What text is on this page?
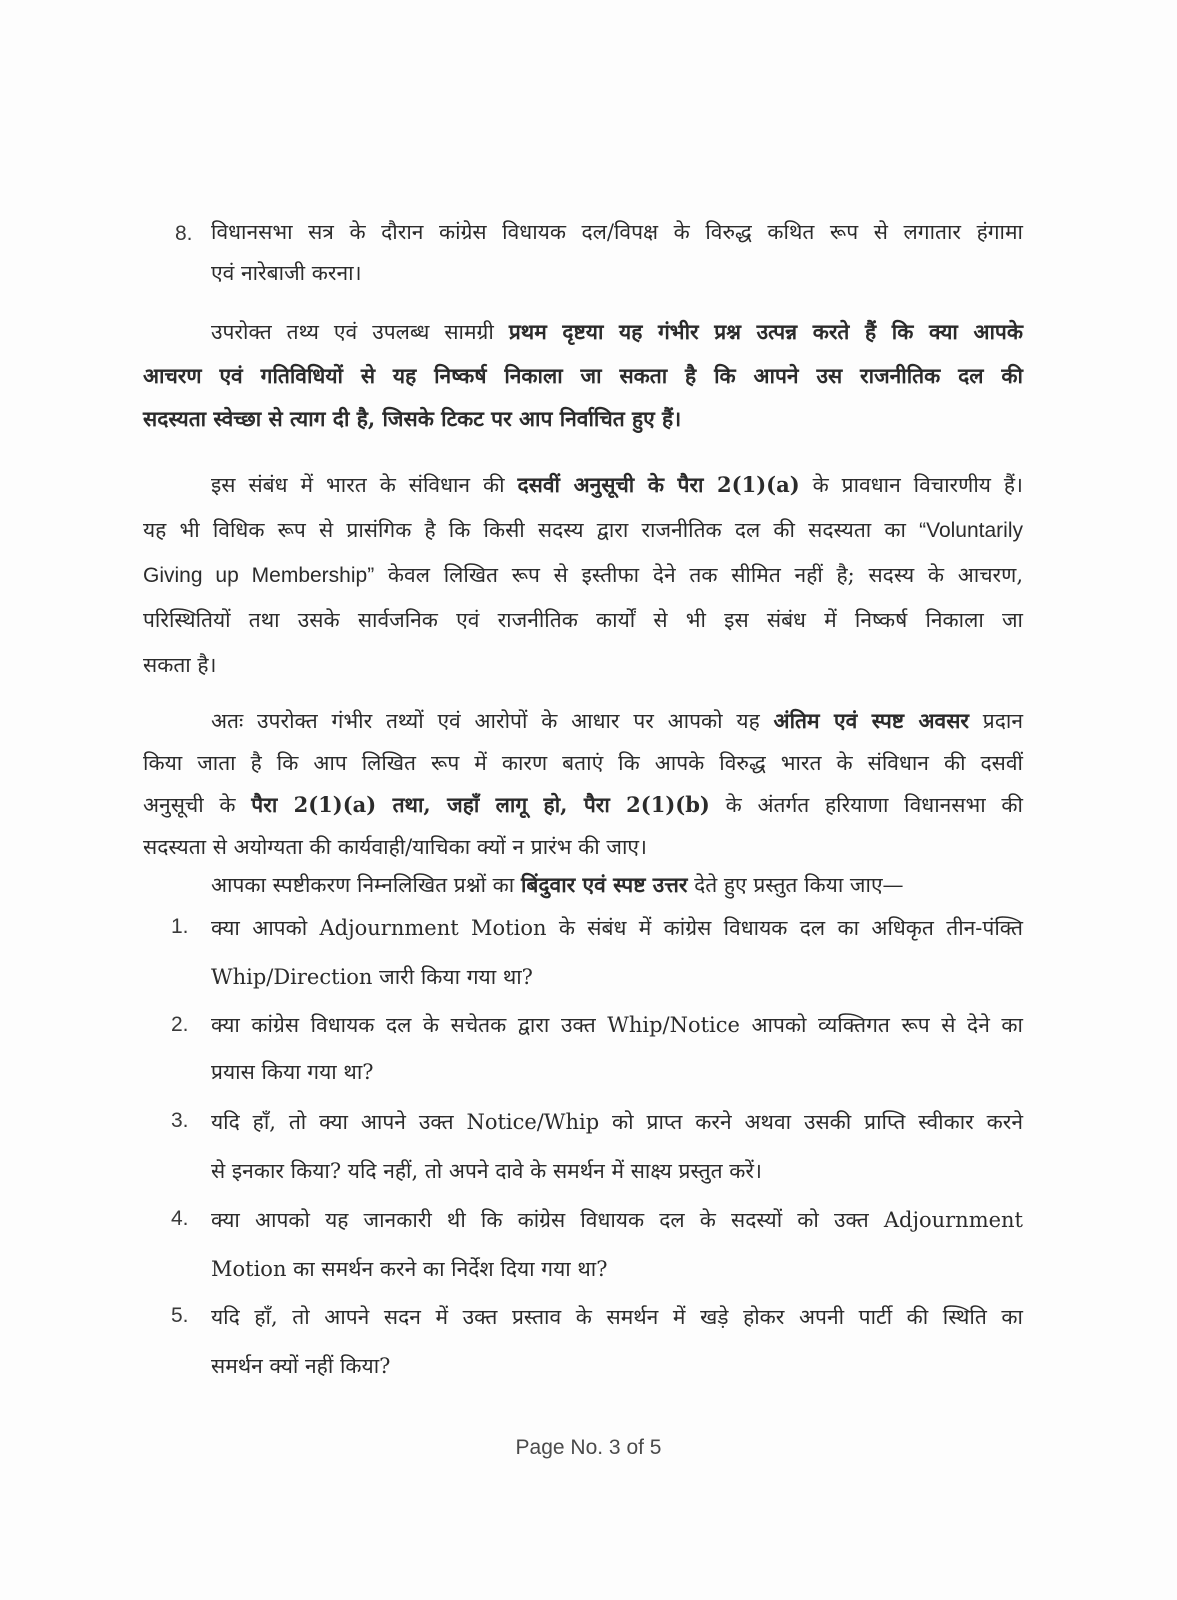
8. विधानसभा सत्र के दौरान कांग्रेस विधायक दल/विपक्ष के विरुद्ध कथित रूप से लगातार हंगामा
एवं नारेबाजी करना।
उपरोक्त तथ्य एवं उपलब्ध सामग्री प्रथम दृष्टया यह गंभीर प्रश्न उत्पन्न करते हैं कि क्या आपके
आचरण एवं गतिविधियों से यह निष्कर्ष निकाला जा सकता है कि आपने उस राजनीतिक दल की
सदस्यता स्वेच्छा से त्याग दी है, जिसके टिकट पर आप निर्वाचित हुए हैं।
इस संबंध में भारत के संविधान की दसवीं अनुसूची के पैरा 2(1)(a) के प्रावधान विचारणीय हैं।
यह भी विधिक रूप से प्रासंगिक है कि किसी सदस्य द्वारा राजनीतिक दल की सदस्यता का “Voluntarily
Giving up Membership” केवल लिखित रूप से इस्तीफा देने तक सीमित नहीं है; सदस्य के आचरण,
परिस्थितियों तथा उसके सार्वजनिक एवं राजनीतिक कार्यों से भी इस संबंध में निष्कर्ष निकाला जा
सकता है।
अतः उपरोक्त गंभीर तथ्यों एवं आरोपों के आधार पर आपको यह अंतिम एवं स्पष्ट अवसर प्रदान
किया जाता है कि आप लिखित रूप में कारण बताएं कि आपके विरुद्ध भारत के संविधान की दसवीं
अनुसूची के पैरा 2(1)(a) तथा, जहाँ लागू हो, पैरा 2(1)(b) के अंतर्गत हरियाणा विधानसभा की
सदस्यता से अयोग्यता की कार्यवाही/याचिका क्यों न प्रारंभ की जाए।
आपका स्पष्टीकरण निम्नलिखित प्रश्नों का बिंदुवार एवं स्पष्ट उत्तर देते हुए प्रस्तुत किया जाए—
1. क्या आपको Adjournment Motion के संबंध में कांग्रेस विधायक दल का अधिकृत तीन-पंक्ति
Whip/Direction जारी किया गया था?
2. क्या कांग्रेस विधायक दल के सचेतक द्वारा उक्त Whip/Notice आपको व्यक्तिगत रूप से देने का
प्रयास किया गया था?
3. यदि हाँ, तो क्या आपने उक्त Notice/Whip को प्राप्त करने अथवा उसकी प्राप्ति स्वीकार करने
से इनकार किया? यदि नहीं, तो अपने दावे के समर्थन में साक्ष्य प्रस्तुत करें।
4. क्या आपको यह जानकारी थी कि कांग्रेस विधायक दल के सदस्यों को उक्त Adjournment
Motion का समर्थन करने का निर्देश दिया गया था?
5. यदि हाँ, तो आपने सदन में उक्त प्रस्ताव के समर्थन में खड़े होकर अपनी पार्टी की स्थिति का
समर्थन क्यों नहीं किया?
Page No. 3 of 5
